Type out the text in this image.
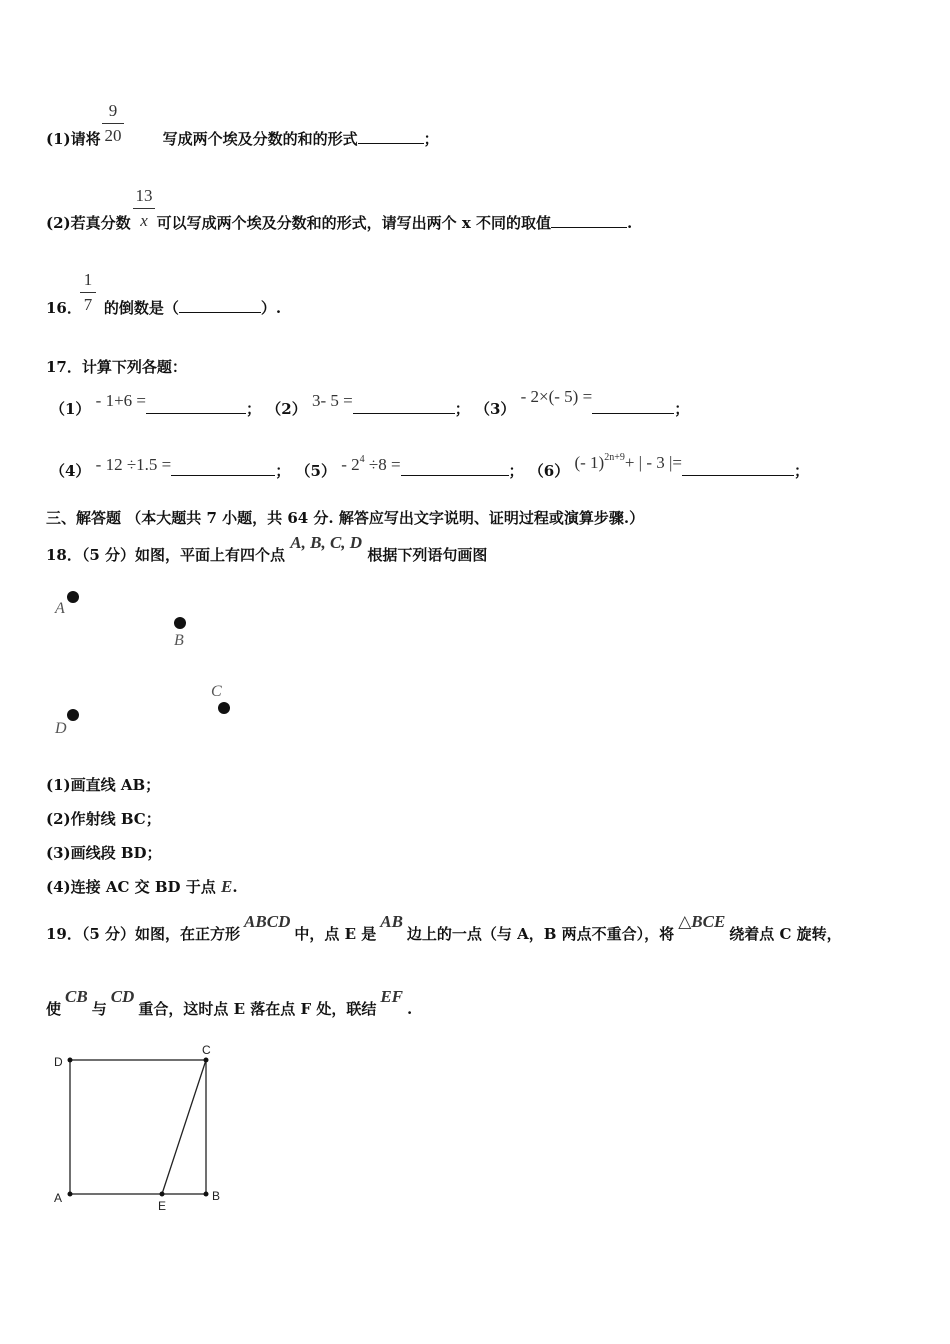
9
20
(1)请将	写成两个埃及分数的和的形式	；
13
x
(2)若真分数 可以写成两个埃及分数和的形式，请写出两个 x 不同的取值	.
1
7
16． 的倒数是（	）.
17．计算下列各题：
（1） - 1+6 =	； （2） 3- 5 =	； （3） - 2×(- 5) =；
（4） - 12 ÷1.5 =	； $(5) - 2^4 \div 8$ =	； （6） (- 1)$^{2n+9}$+ | - 3 |=	；
三、解答题 （本大题共 7 小题，共 64 分. 解答应写出文字说明、证明过程或演算步骤.）
18．（5 分）如图，平面上有四个点 A, B, C, D 根据下列语句画图
A
B
C
D
(1)画直线 AB；
(2)作射线 BC；
(3)画线段 BD；
(4)连接 AC 交 BD 于点 E.
19．（5 分）如图，在正方形ABCD中，点 E 是AB边上的一点（与 A，B 两点不重合），将△BCE绕着点 C 旋转，
使CB与CD重合，这时点 E 落在点 F 处，联结EF.
D
C
A
E
B
